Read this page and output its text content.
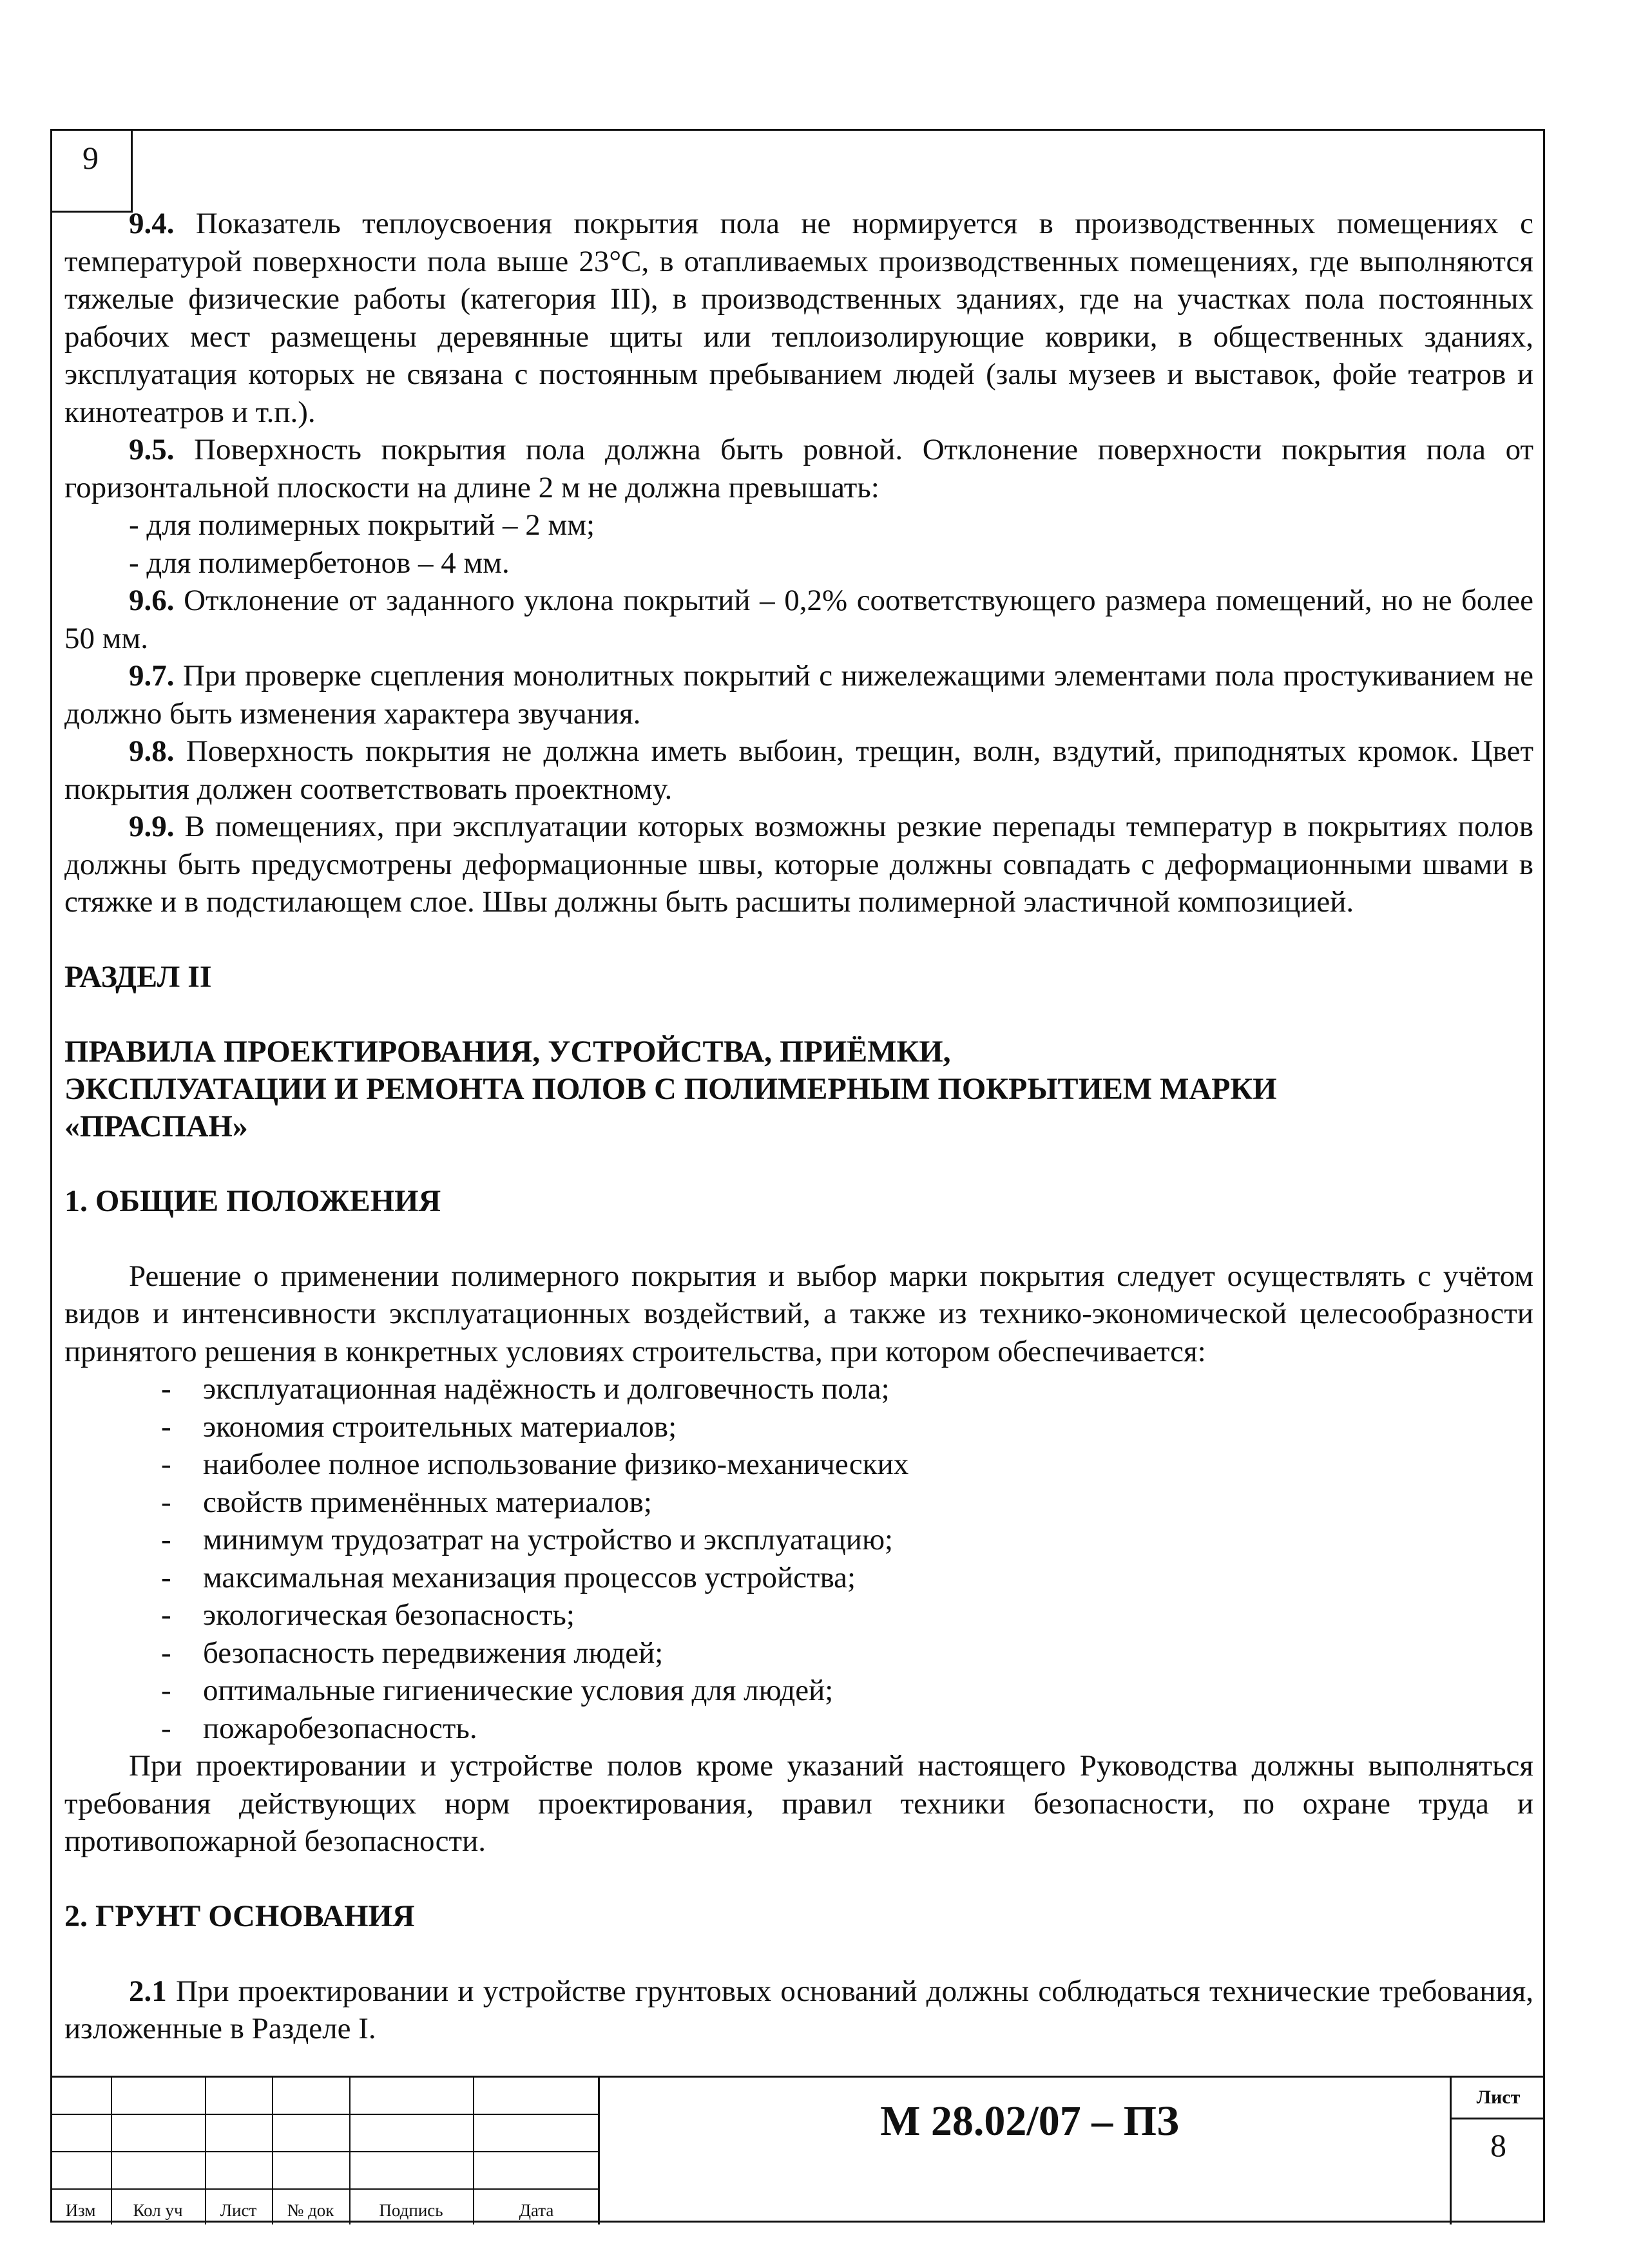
9

9.4. Показатель теплоусвоения покрытия пола не нормируется в производственных помещениях с температурой поверхности пола выше 23°С, в отапливаемых производственных помещениях, где выполняются тяжелые физические работы (категория III), в производственных зданиях, где на участках пола постоянных рабочих мест размещены деревянные щиты или теплоизолирующие коврики, в общественных зданиях, эксплуатация которых не связана с постоянным пребыванием людей (залы музеев и выставок, фойе театров и кинотеатров и т.п.).

9.5. Поверхность покрытия пола должна быть ровной. Отклонение поверхности покрытия пола от горизонтальной плоскости на длине 2 м не должна превышать:

- для полимерных покрытий – 2 мм;

- для полимербетонов – 4 мм.

9.6. Отклонение от заданного уклона покрытий – 0,2% соответствующего размера помещений, но не более 50 мм.

9.7. При проверке сцепления монолитных покрытий с нижележащими элементами пола простукиванием не должно быть изменения характера звучания.

9.8. Поверхность покрытия не должна иметь выбоин, трещин, волн, вздутий, приподнятых кромок. Цвет покрытия должен соответствовать проектному.

9.9. В помещениях, при эксплуатации которых возможны резкие перепады температур в покрытиях полов должны быть предусмотрены деформационные швы, которые должны совпадать с деформационными швами в стяжке и в подстилающем слое. Швы должны быть расшиты полимерной эластичной композицией.

РАЗДЕЛ II

ПРАВИЛА ПРОЕКТИРОВАНИЯ, УСТРОЙСТВА, ПРИЁМКИ,

ЭКСПЛУАТАЦИИ И РЕМОНТА ПОЛОВ С ПОЛИМЕРНЫМ ПОКРЫТИЕМ МАРКИ

«ПРАСПАН»

1. ОБЩИЕ ПОЛОЖЕНИЯ

Решение о применении полимерного покрытия и выбор марки покрытия следует осуществлять с учётом видов и интенсивности эксплуатационных воздействий, а также из технико-экономической целесообразности принятого решения в конкретных условиях строительства, при котором обеспечивается:

- эксплуатационная надёжность и долговечность пола;
- экономия строительных материалов;
- наиболее полное использование физико-механических
- свойств применённых материалов;
- минимум трудозатрат на устройство и эксплуатацию;
- максимальная механизация процессов устройства;
- экологическая безопасность;
- безопасность передвижения людей;
- оптимальные гигиенические условия для людей;
- пожаробезопасность.

При проектировании и устройстве полов кроме указаний настоящего Руководства должны выполняться требования действующих норм проектирования, правил техники безопасности, по охране труда и противопожарной безопасности.

2. ГРУНТ ОСНОВАНИЯ

2.1 При проектировании и устройстве грунтовых оснований должны соблюдаться технические требования, изложенные в Разделе I.

Изм	Кол уч	Лист	№ док	Подпись	Дата
М 28.02/07 – ПЗ
Лист
8
